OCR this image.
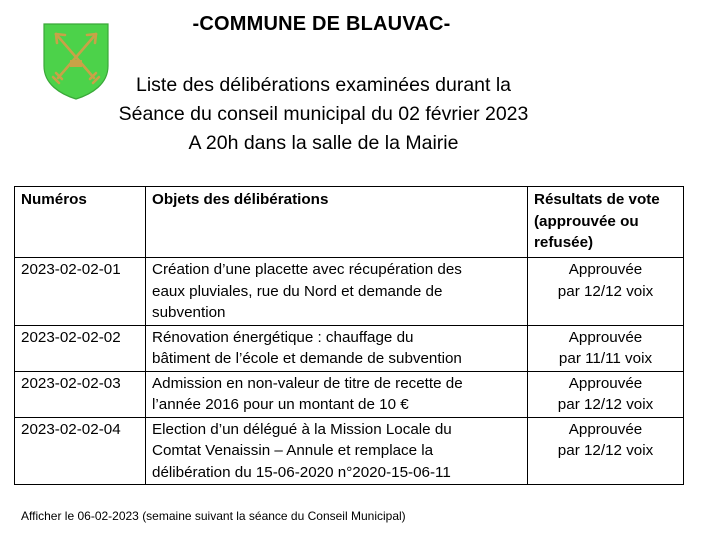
-COMMUNE DE BLAUVAC-
Liste des délibérations examinées durant la
Séance du conseil municipal du 02 février 2023
A 20h dans la salle de la Mairie
Numéros	Objets des délibérations	Résultats de vote
(approuvée ou
refusée)

2023-02-02-01	Création d’une placette avec récupération des
eaux pluviales, rue du Nord et demande de
subvention	Approuvée
par 12/12 voix

2023-02-02-02	Rénovation énergétique : chauffage du
bâtiment de l’école et demande de subvention	Approuvée
par 11/11 voix

2023-02-02-03	Admission en non-valeur de titre de recette de
l’année 2016 pour un montant de 10 €	Approuvée
par 12/12 voix

2023-02-02-04	Election d’un délégué à la Mission Locale du
Comtat Venaissin – Annule et remplace la
délibération du 15-06-2020 n°2020-15-06-11	Approuvée
par 12/12 voix
Afficher le 06-02-2023 (semaine suivant la séance du Conseil Municipal)
